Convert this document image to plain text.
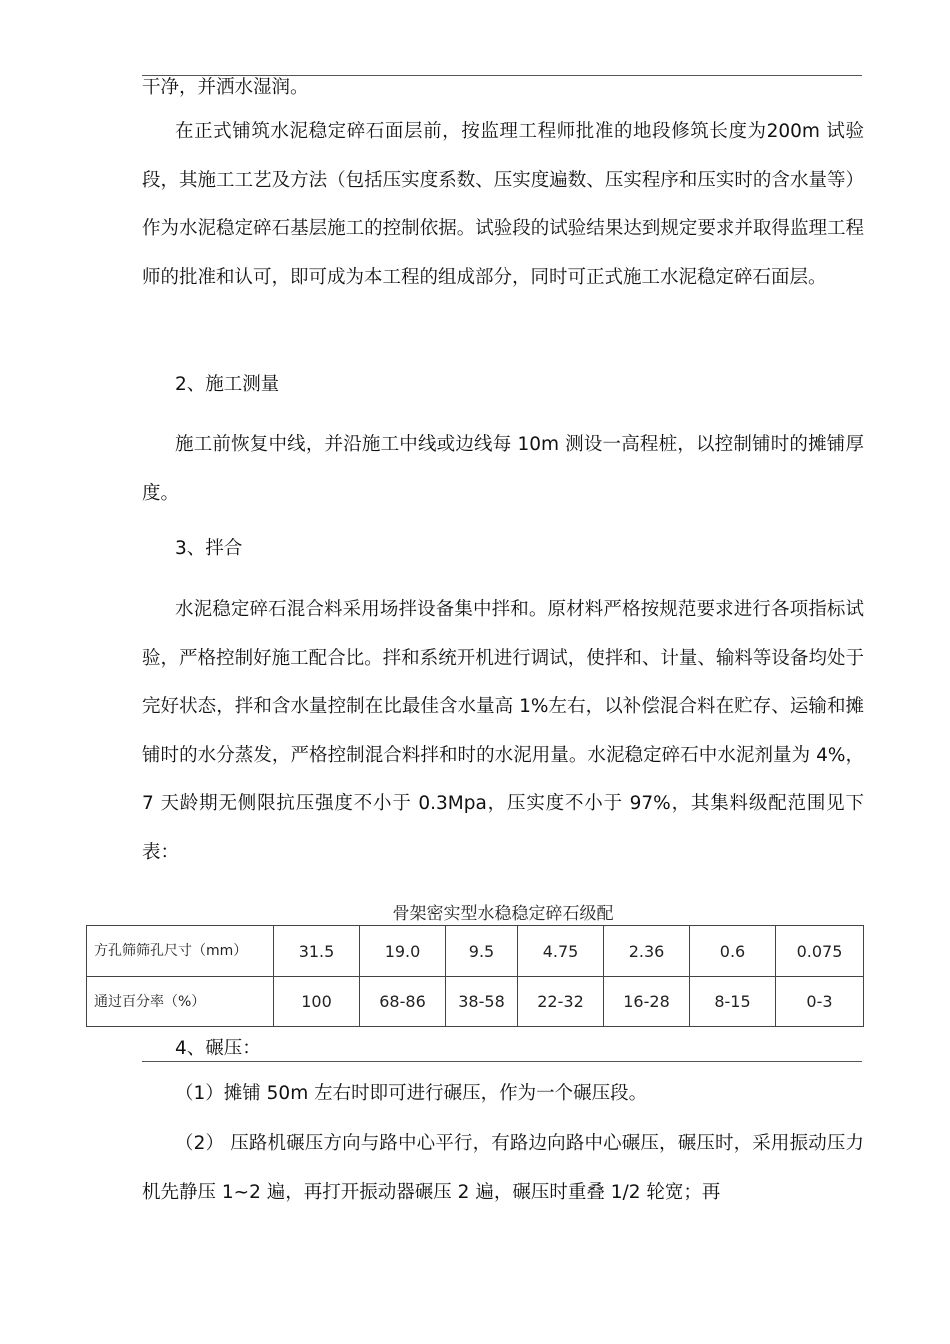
干净，并洒水湿润。

在正式铺筑水泥稳定碎石面层前，按监理工程师批准的地段修筑长度为200m 试验段，其施工工艺及方法（包括压实度系数、压实度遍数、压实程序和压实时的含水量等）作为水泥稳定碎石基层施工的控制依据。试验段的试验结果达到规定要求并取得监理工程师的批准和认可，即可成为本工程的组成部分，同时可正式施工水泥稳定碎石面层。

2、施工测量

施工前恢复中线，并沿施工中线或边线每 10m 测设一高程桩，以控制铺时的摊铺厚度。

3、拌合

水泥稳定碎石混合料采用场拌设备集中拌和。原材料严格按规范要求进行各项指标试验，严格控制好施工配合比。拌和系统开机进行调试，使拌和、计量、输料等设备均处于完好状态，拌和含水量控制在比最佳含水量高 1%左右，以补偿混合料在贮存、运输和摊铺时的水分蒸发，严格控制混合料拌和时的水泥用量。水泥稳定碎石中水泥剂量为 4%， 7 天龄期无侧限抗压强度不小于 0.3Mpa，压实度不小于 97%，其集料级配范围见下表：

骨架密实型水稳稳定碎石级配
方孔筛筛孔尺寸（mm）	31.5	19.0	9.5	4.75	2.36	0.6	0.075
通过百分率（%）	100	68-86	38-58	22-32	16-28	8-15	0-3

4、碾压：

（1）摊铺 50m 左右时即可进行碾压，作为一个碾压段。

（2） 压路机碾压方向与路中心平行，有路边向路中心碾压，碾压时，采用振动压力机先静压 1~2 遍，再打开振动器碾压 2 遍，碾压时重叠 1/2 轮宽；再
